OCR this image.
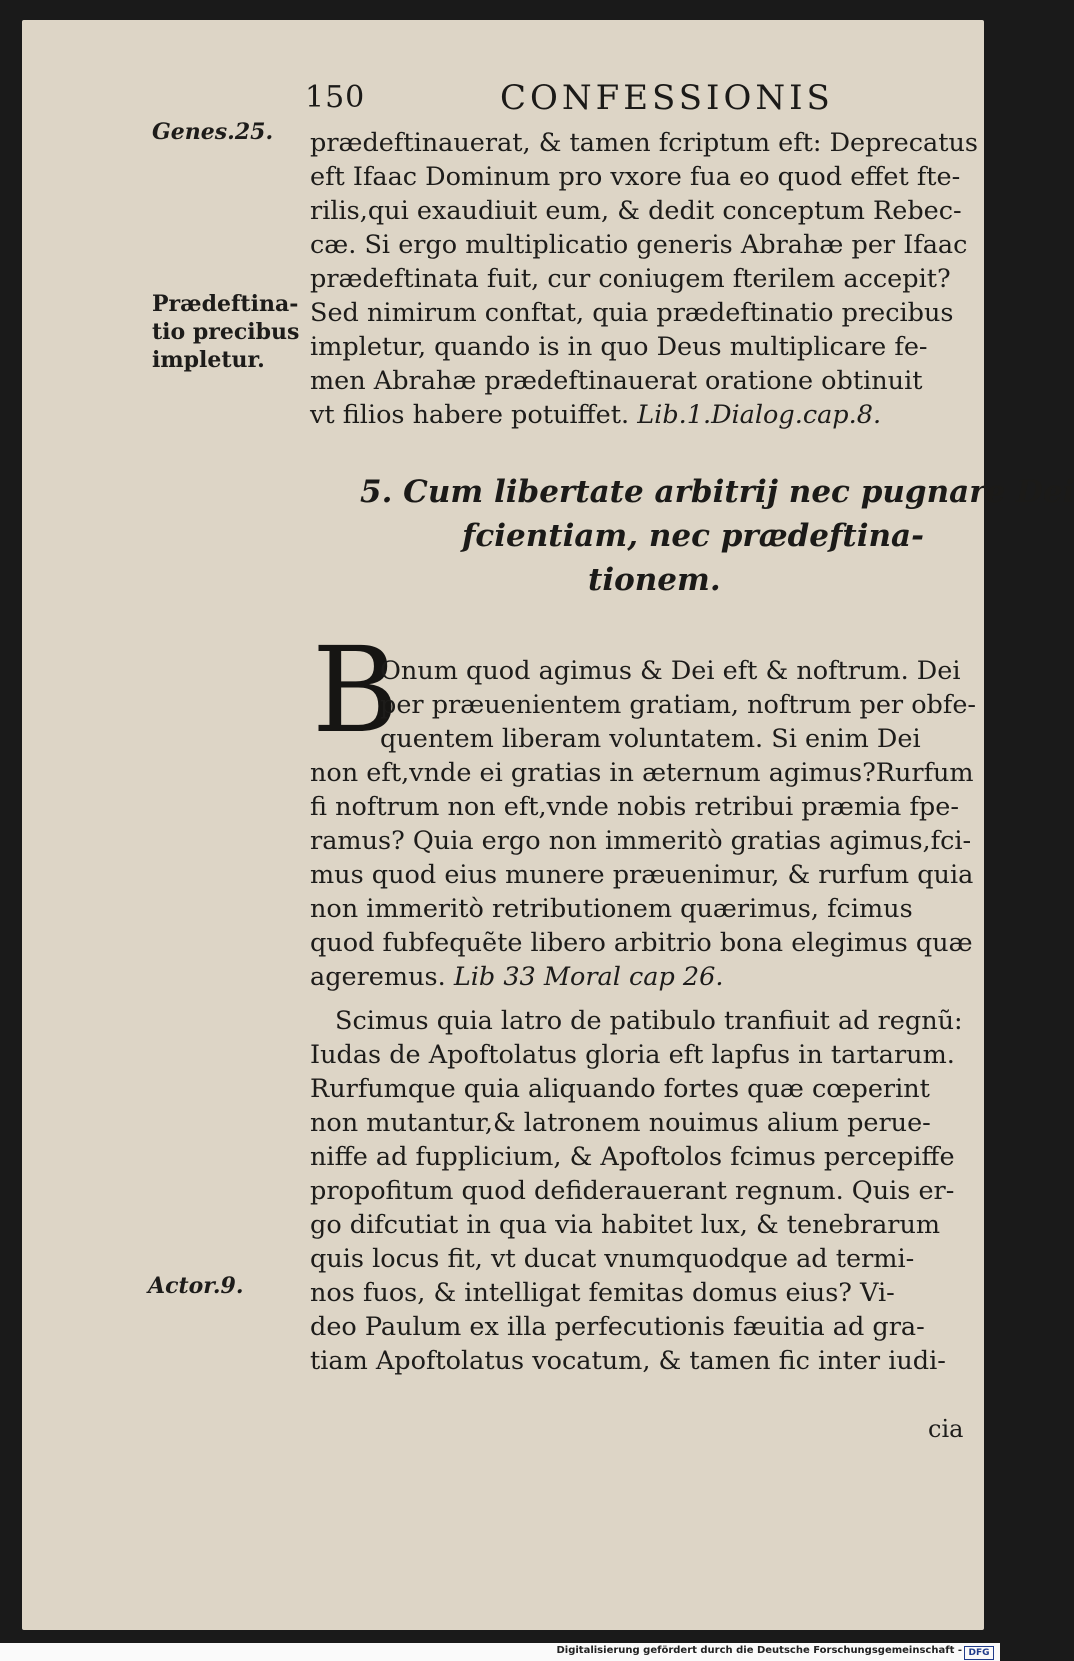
150	CONFESSIONIS
Genes.25.
Prædeftina-
tio precibus
impletur.
Actor.9.
prædeftinauerat, & tamen fcriptum eft: Deprecatus
eft Ifaac Dominum pro vxore fua eo quod effet fte-
rilis,qui exaudiuit eum, & dedit conceptum Rebec-
cæ. Si ergo multiplicatio generis Abrahæ per Ifaac
prædeftinata fuit, cur coniugem fterilem accepit?
Sed nimirum conftat, quia prædeftinatio precibus
impletur, quando is in quo Deus multiplicare fe-
men Abrahæ prædeftinauerat oratione obtinuit
vt filios habere potuiffet. Lib.1.Dialog.cap.8.
5. Cum libertate arbitrij nec pugnare Dei
fcientiam, nec prædeftina-
tionem.
B
Onum quod agimus & Dei eft & noftrum. Dei
per præuenientem gratiam, noftrum per obfe-
quentem liberam voluntatem. Si enim Dei
non eft,vnde ei gratias in æternum agimus?Rurfum
fi noftrum non eft,vnde nobis retribui præmia fpe-
ramus? Quia ergo non immeritò gratias agimus,fci-
mus quod eius munere præuenimur, & rurfum quia
non immeritò retributionem quærimus, fcimus
quod fubfequẽte libero arbitrio bona elegimus quæ
ageremus. Lib 33 Moral cap 26.
Scimus quia latro de patibulo tranfiuit ad regnũ:
Iudas de Apoftolatus gloria eft lapfus in tartarum.
Rurfumque quia aliquando fortes quæ cœperint
non mutantur,& latronem nouimus alium perue-
niffe ad fupplicium, & Apoftolos fcimus percepiffe
propofitum quod defiderauerant regnum. Quis er-
go difcutiat in qua via habitet lux, & tenebrarum
quis locus fit, vt ducat vnumquodque ad termi-
nos fuos, & intelligat femitas domus eius? Vi-
deo Paulum ex illa perfecutionis fæuitia ad gra-
tiam Apoftolatus vocatum, & tamen fic inter iudi-
cia
Digitalisierung gefördert durch die Deutsche Forschungsgemeinschaft - DFG
